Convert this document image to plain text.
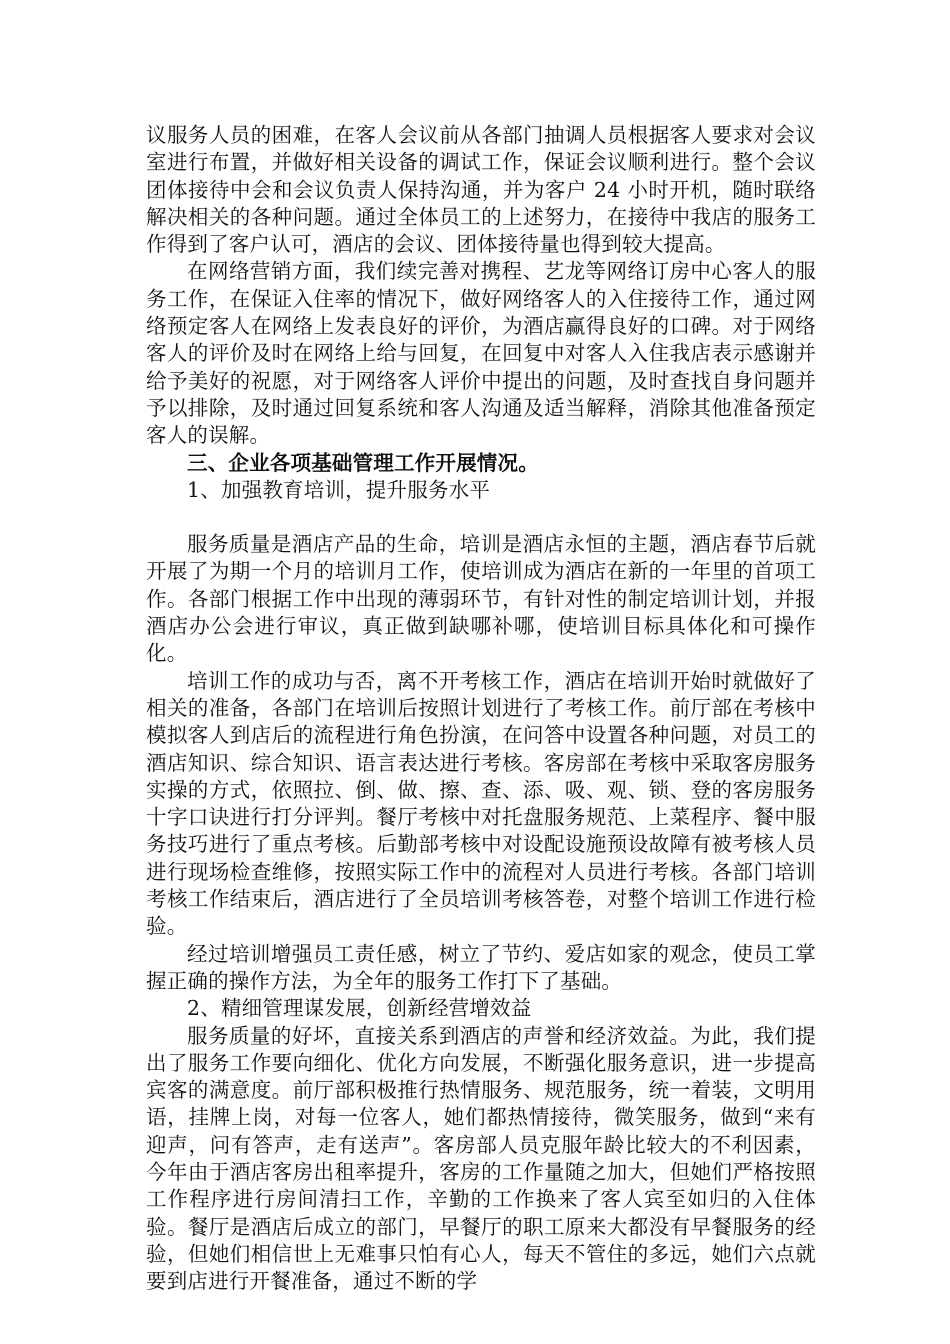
议服务人员的困难，在客人会议前从各部门抽调人员根据客人要求对会议室进行布置，并做好相关设备的调试工作，保证会议顺利进行。整个会议团体接待中会和会议负责人保持沟通，并为客户 24 小时开机，随时联络解决相关的各种问题。通过全体员工的上述努力，在接待中我店的服务工作得到了客户认可，酒店的会议、团体接待量也得到较大提高。

在网络营销方面，我们续完善对携程、艺龙等网络订房中心客人的服务工作，在保证入住率的情况下，做好网络客人的入住接待工作，通过网络预定客人在网络上发表良好的评价，为酒店赢得良好的口碑。对于网络客人的评价及时在网络上给与回复，在回复中对客人入住我店表示感谢并给予美好的祝愿，对于网络客人评价中提出的问题，及时查找自身问题并予以排除，及时通过回复系统和客人沟通及适当解释，消除其他准备预定客人的误解。

三、企业各项基础管理工作开展情况。

1、加强教育培训，提升服务水平

服务质量是酒店产品的生命，培训是酒店永恒的主题，酒店春节后就开展了为期一个月的培训月工作，使培训成为酒店在新的一年里的首项工作。各部门根据工作中出现的薄弱环节，有针对性的制定培训计划，并报酒店办公会进行审议，真正做到缺哪补哪，使培训目标具体化和可操作化。

培训工作的成功与否，离不开考核工作，酒店在培训开始时就做好了相关的准备，各部门在培训后按照计划进行了考核工作。前厅部在考核中模拟客人到店后的流程进行角色扮演，在问答中设置各种问题，对员工的酒店知识、综合知识、语言表达进行考核。客房部在考核中采取客房服务实操的方式，依照拉、倒、做、擦、查、添、吸、观、锁、登的客房服务十字口诀进行打分评判。餐厅考核中对托盘服务规范、上菜程序、餐中服务技巧进行了重点考核。后勤部考核中对设配设施预设故障有被考核人员进行现场检查维修，按照实际工作中的流程对人员进行考核。各部门培训考核工作结束后，酒店进行了全员培训考核答卷，对整个培训工作进行检验。

经过培训增强员工责任感，树立了节约、爱店如家的观念，使员工掌握正确的操作方法，为全年的服务工作打下了基础。

2、精细管理谋发展，创新经营增效益

服务质量的好坏，直接关系到酒店的声誉和经济效益。为此，我们提出了服务工作要向细化、优化方向发展，不断强化服务意识，进一步提高宾客的满意度。前厅部积极推行热情服务、规范服务，统一着装，文明用语，挂牌上岗，对每一位客人，她们都热情接待，微笑服务，做到“来有迎声，问有答声，走有送声”。客房部人员克服年龄比较大的不利因素，今年由于酒店客房出租率提升，客房的工作量随之加大，但她们严格按照工作程序进行房间清扫工作，辛勤的工作换来了客人宾至如归的入住体验。餐厅是酒店后成立的部门，早餐厅的职工原来大都没有早餐服务的经验，但她们相信世上无难事只怕有心人，每天不管住的多远，她们六点就要到店进行开餐准备，通过不断的学
